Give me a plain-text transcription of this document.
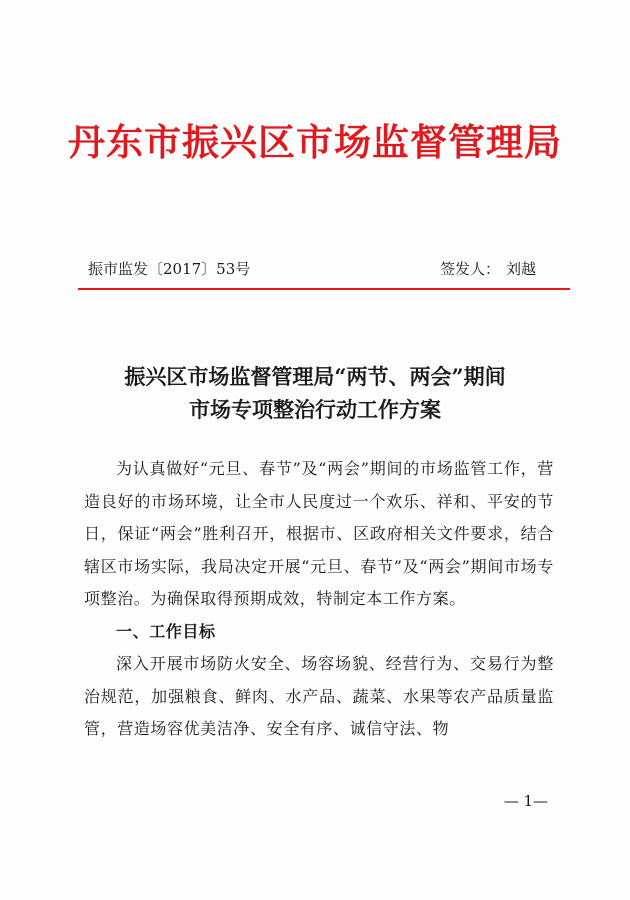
丹东市振兴区市场监督管理局
振市监发〔2017〕53号	签发人： 刘越
振兴区市场监督管理局“两节、两会”期间
市场专项整治行动工作方案

为认真做好“元旦、春节”及“两会”期间的市场监管工作，营造良好的市场环境，让全市人民度过一个欢乐、祥和、平安的节日，保证“两会”胜利召开，根据市、区政府相关文件要求，结合辖区市场实际，我局决定开展“元旦、春节”及“两会”期间市场专项整治。为确保取得预期成效，特制定本工作方案。

一、工作目标

深入开展市场防火安全、场容场貌、经营行为、交易行为整治规范，加强粮食、鲜肉、水产品、蔬菜、水果等农产品质量监管，营造场容优美洁净、安全有序、诚信守法、物

— 1—
